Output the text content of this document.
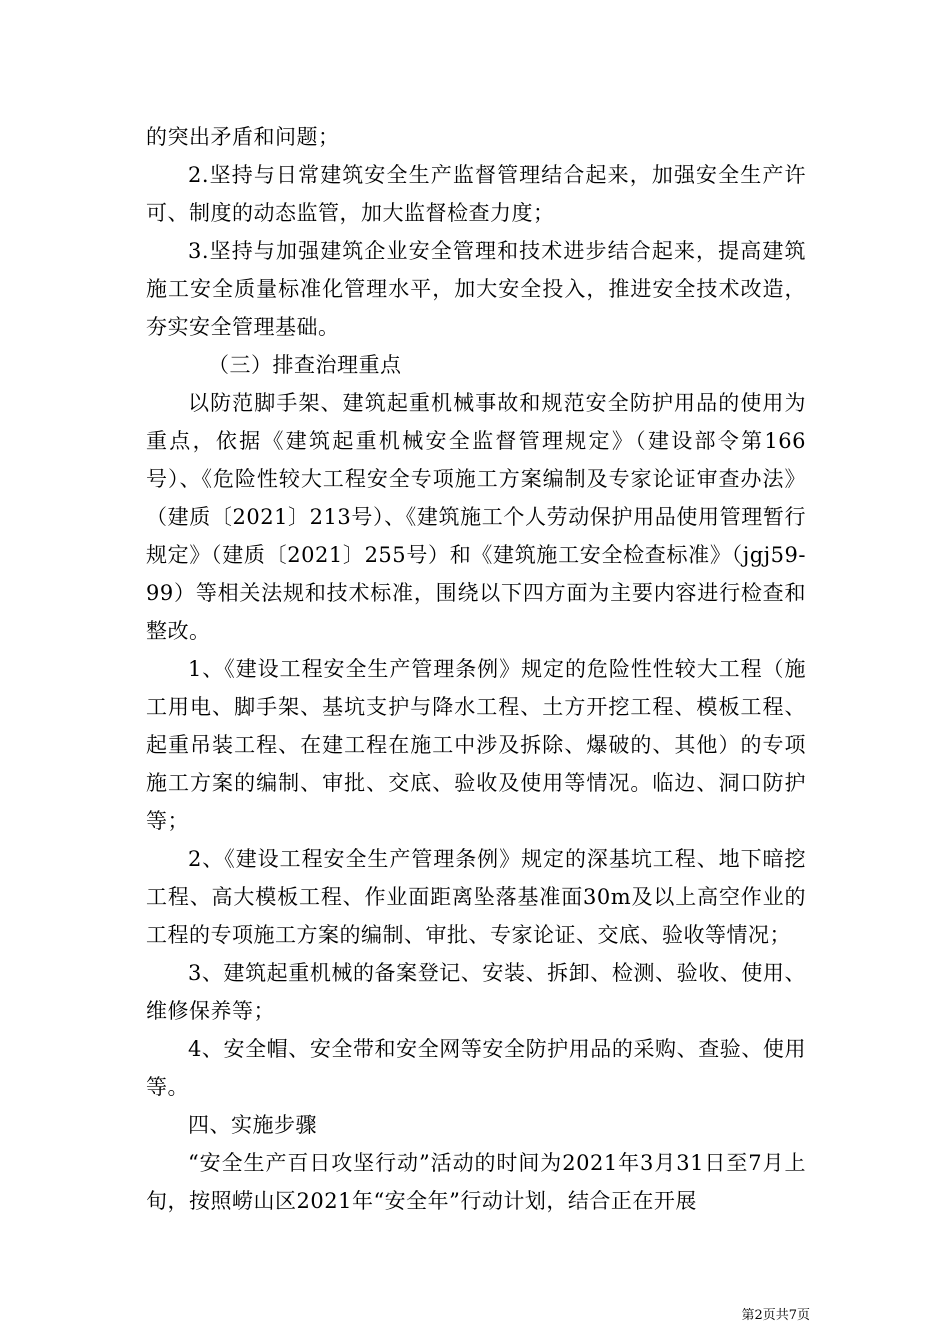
的突出矛盾和问题；

2.坚持与日常建筑安全生产监督管理结合起来，加强安全生产许可、制度的动态监管，加大监督检查力度；

3.坚持与加强建筑企业安全管理和技术进步结合起来，提高建筑施工安全质量标准化管理水平，加大安全投入，推进安全技术改造，夯实安全管理基础。

（三）排查治理重点

以防范脚手架、建筑起重机械事故和规范安全防护用品的使用为重点，依据《建筑起重机械安全监督管理规定》（建设部令第166号）、《危险性较大工程安全专项施工方案编制及专家论证审查办法》（建质〔2021〕213号）、《建筑施工个人劳动保护用品使用管理暂行规定》（建质〔2021〕255号）和《建筑施工安全检查标准》（jgj59-99）等相关法规和技术标准，围绕以下四方面为主要内容进行检查和整改。

1、《建设工程安全生产管理条例》规定的危险性性较大工程（施工用电、脚手架、基坑支护与降水工程、土方开挖工程、模板工程、起重吊装工程、在建工程在施工中涉及拆除、爆破的、其他）的专项施工方案的编制、审批、交底、验收及使用等情况。临边、洞口防护等；

2、《建设工程安全生产管理条例》规定的深基坑工程、地下暗挖工程、高大模板工程、作业面距离坠落基准面30m及以上高空作业的工程的专项施工方案的编制、审批、专家论证、交底、验收等情况；

3、建筑起重机械的备案登记、安装、拆卸、检测、验收、使用、维修保养等；

4、安全帽、安全带和安全网等安全防护用品的采购、查验、使用等。

四、实施步骤

“安全生产百日攻坚行动”活动的时间为2021年3月31日至7月上旬，按照崂山区2021年“安全年”行动计划，结合正在开展

第2页共7页
